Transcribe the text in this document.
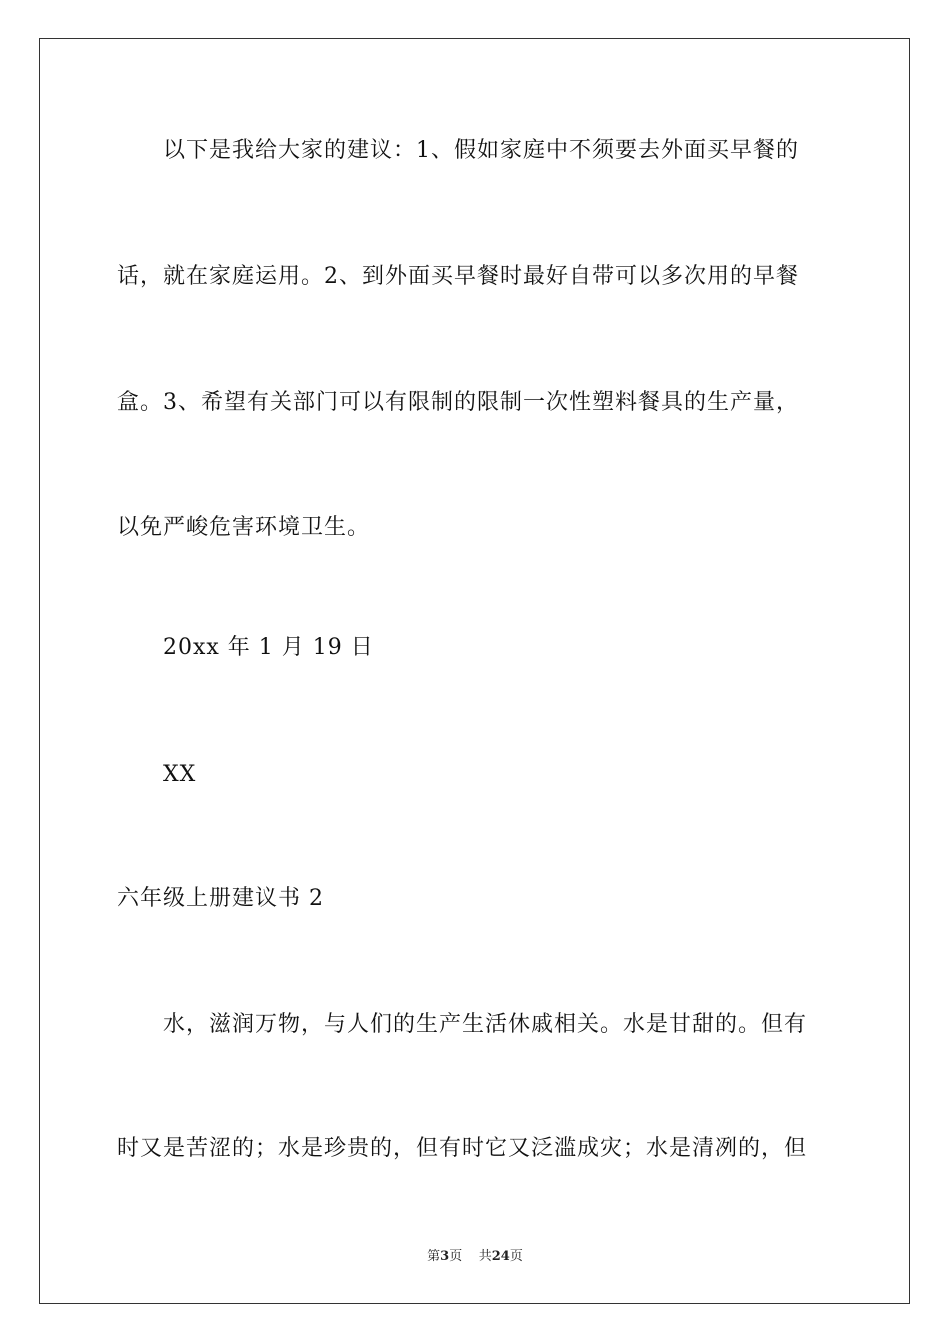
以下是我给大家的建议：1、假如家庭中不须要去外面买早餐的
话，就在家庭运用。2、到外面买早餐时最好自带可以多次用的早餐
盒。3、希望有关部门可以有限制的限制一次性塑料餐具的生产量，
以免严峻危害环境卫生。
20xx 年 1 月 19 日
XX
六年级上册建议书 2
水，滋润万物，与人们的生产生活休戚相关。水是甘甜的。但有
时又是苦涩的；水是珍贵的，但有时它又泛滥成灾；水是清冽的，但
第3页 共24页
